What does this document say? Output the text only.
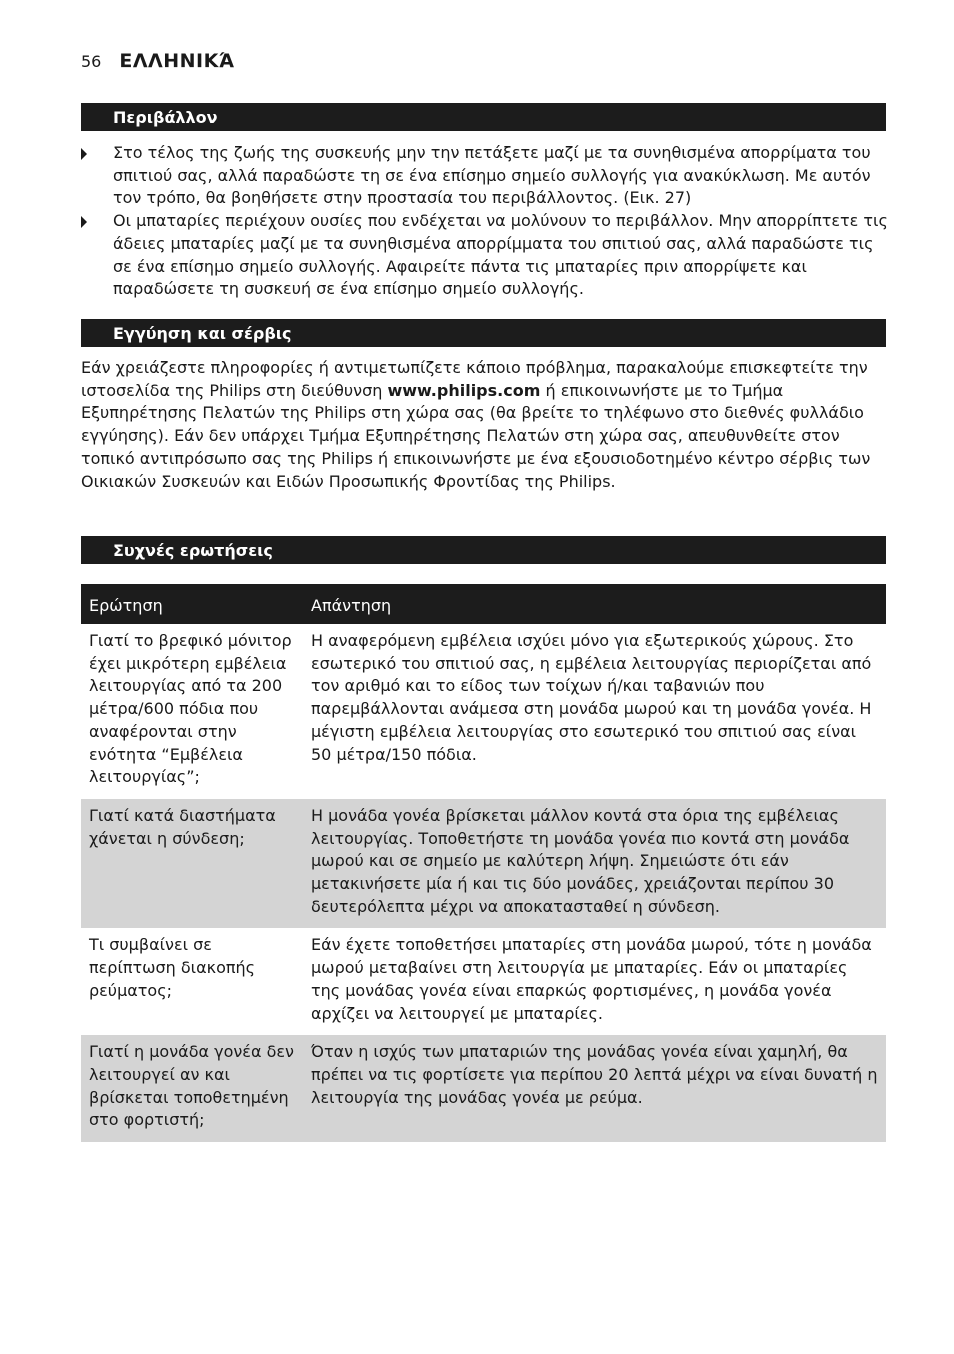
56 ΕΛΛΗΝΙΚΆ
Περιβάλλον
Στο τέλος της ζωής της συσκευής μην την πετάξετε μαζί με τα συνηθισμένα απορρίματα του σπιτιού σας, αλλά παραδώστε τη σε ένα επίσημο σημείο συλλογής για ανακύκλωση. Με αυτόν τον τρόπο, θα βοηθήσετε στην προστασία του περιβάλλοντος. (Εικ. 27)
Οι μπαταρίες περιέχουν ουσίες που ενδέχεται να μολύνουν το περιβάλλον. Μην απορρίπτετε τις άδειες μπαταρίες μαζί με τα συνηθισμένα απορρίμματα του σπιτιού σας, αλλά παραδώστε τις σε ένα επίσημο σημείο συλλογής. Αφαιρείτε πάντα τις μπαταρίες πριν απορρίψετε και παραδώσετε τη συσκευή σε ένα επίσημο σημείο συλλογής.
Εγγύηση και σέρβις
Εάν χρειάζεστε πληροφορίες ή αντιμετωπίζετε κάποιο πρόβλημα, παρακαλούμε επισκεφτείτε την ιστοσελίδα της Philips στη διεύθυνση www.philips.com ή επικοινωνήστε με το Τμήμα Εξυπηρέτησης Πελατών της Philips στη χώρα σας (θα βρείτε το τηλέφωνο στο διεθνές φυλλάδιο εγγύησης). Εάν δεν υπάρχει Τμήμα Εξυπηρέτησης Πελατών στη χώρα σας, απευθυνθείτε στον τοπικό αντιπρόσωπο σας της Philips ή επικοινωνήστε με ένα εξουσιοδοτημένο κέντρο σέρβις των Οικιακών Συσκευών και Ειδών Προσωπικής Φροντίδας της Philips.
Συχνές ερωτήσεις
Ερώτηση	Απάντηση
Γιατί το βρεφικό μόνιτορ έχει μικρότερη εμβέλεια λειτουργίας από τα 200 μέτρα/600 πόδια που αναφέρονται στην ενότητα “Εμβέλεια λειτουργίας”;
Η αναφερόμενη εμβέλεια ισχύει μόνο για εξωτερικούς χώρους. Στο εσωτερικό του σπιτιού σας, η εμβέλεια λειτουργίας περιορίζεται από τον αριθμό και το είδος των τοίχων ή/και ταβανιών που παρεμβάλλονται ανάμεσα στη μονάδα μωρού και τη μονάδα γονέα. Η μέγιστη εμβέλεια λειτουργίας στο εσωτερικό του σπιτιού σας είναι 50 μέτρα/150 πόδια.
Γιατί κατά διαστήματα χάνεται η σύνδεση;
Η μονάδα γονέα βρίσκεται μάλλον κοντά στα όρια της εμβέλειας λειτουργίας. Τοποθετήστε τη μονάδα γονέα πιο κοντά στη μονάδα μωρού και σε σημείο με καλύτερη λήψη. Σημειώστε ότι εάν μετακινήσετε μία ή και τις δύο μονάδες, χρειάζονται περίπου 30 δευτερόλεπτα μέχρι να αποκατασταθεί η σύνδεση.
Τι συμβαίνει σε περίπτωση διακοπής ρεύματος;
Εάν έχετε τοποθετήσει μπαταρίες στη μονάδα μωρού, τότε η μονάδα μωρού μεταβαίνει στη λειτουργία με μπαταρίες. Εάν οι μπαταρίες της μονάδας γονέα είναι επαρκώς φορτισμένες, η μονάδα γονέα αρχίζει να λειτουργεί με μπαταρίες.
Γιατί η μονάδα γονέα δεν λειτουργεί αν και βρίσκεται τοποθετημένη στο φορτιστή;
Όταν η ισχύς των μπαταριών της μονάδας γονέα είναι χαμηλή, θα πρέπει να τις φορτίσετε για περίπου 20 λεπτά μέχρι να είναι δυνατή η λειτουργία της μονάδας γονέα με ρεύμα.
